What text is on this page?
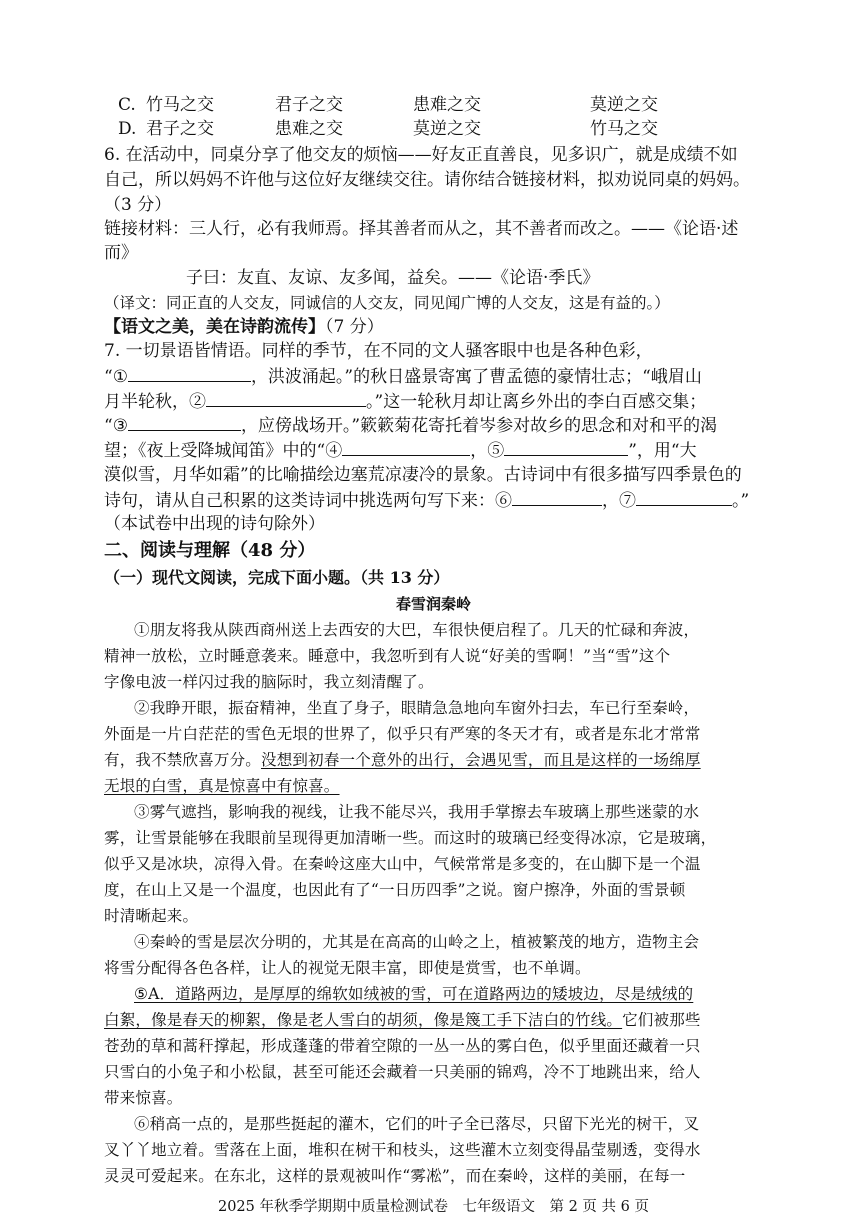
C. 竹马之交	君子之交	患难之交	莫逆之交
D. 君子之交	患难之交	莫逆之交	竹马之交
6. 在活动中，同桌分享了他交友的烦恼——好友正直善良，见多识广，就是成绩不如
自己，所以妈妈不许他与这位好友继续交往。请你结合链接材料，拟劝说同桌的妈妈。
（3 分）
链接材料：三人行，必有我师焉。择其善者而从之，其不善者而改之。——《论语·述
而》
子曰：友直、友谅、友多闻，益矣。——《论语·季氏》
（译文：同正直的人交友，同诚信的人交友，同见闻广博的人交友，这是有益的。）
【语文之美，美在诗韵流传】（7 分）
7. 一切景语皆情语。同样的季节，在不同的文人骚客眼中也是各种色彩，
“①	，洪波涌起。”的秋日盛景寄寓了曹孟德的豪情壮志；“峨眉山
月半轮秋，②	。”这一轮秋月却让离乡外出的李白百感交集；
“③	，应傍战场开。”簌簌菊花寄托着岑参对故乡的思念和对和平的渴
望；《夜上受降城闻笛》中的“④	，⑤	”，用“大
漠似雪，月华如霜”的比喻描绘边塞荒凉凄冷的景象。古诗词中有很多描写四季景色的
诗句，请从自己积累的这类诗词中挑选两句写下来：⑥	，⑦	。”
（本试卷中出现的诗句除外）
二、阅读与理解（48 分）
（一）现代文阅读，完成下面小题。（共 13 分）
春雪润秦岭
①朋友将我从陕西商州送上去西安的大巴，车很快便启程了。几天的忙碌和奔波，
精神一放松，立时睡意袭来。睡意中，我忽听到有人说“好美的雪啊！”当“雪”这个
字像电波一样闪过我的脑际时，我立刻清醒了。
②我睁开眼，振奋精神，坐直了身子，眼睛急急地向车窗外扫去，车已行至秦岭，
外面是一片白茫茫的雪色无垠的世界了，似乎只有严寒的冬天才有，或者是东北才常常
有，我不禁欣喜万分。没想到初春一个意外的出行，会遇见雪，而且是这样的一场绵厚
无垠的白雪，真是惊喜中有惊喜。
③雾气遮挡，影响我的视线，让我不能尽兴，我用手掌擦去车玻璃上那些迷蒙的水
雾，让雪景能够在我眼前呈现得更加清晰一些。而这时的玻璃已经变得冰凉，它是玻璃，
似乎又是冰块，凉得入骨。在秦岭这座大山中，气候常常是多变的，在山脚下是一个温
度，在山上又是一个温度，也因此有了“一日历四季”之说。窗户擦净，外面的雪景顿
时清晰起来。
④秦岭的雪是层次分明的，尤其是在高高的山岭之上，植被繁茂的地方，造物主会
将雪分配得各色各样，让人的视觉无限丰富，即使是赏雪，也不单调。
⑤A．道路两边，是厚厚的绵软如绒被的雪，可在道路两边的矮坡边，尽是绒绒的
白絮，像是春天的柳絮，像是老人雪白的胡须，像是篾工手下洁白的竹线。它们被那些
苍劲的草和蒿秆撑起，形成蓬蓬的带着空隙的一丛一丛的雾白色，似乎里面还藏着一只
只雪白的小兔子和小松鼠，甚至可能还会藏着一只美丽的锦鸡，冷不丁地跳出来，给人
带来惊喜。
⑥稍高一点的，是那些挺起的灌木，它们的叶子全已落尽，只留下光光的树干，叉
叉丫丫地立着。雪落在上面，堆积在树干和枝头，这些灌木立刻变得晶莹剔透，变得水
灵灵可爱起来。在东北，这样的景观被叫作“雾凇”，而在秦岭，这样的美丽，在每一
2025 年秋季学期期中质量检测试卷　七年级语文　第 2 页 共 6 页
